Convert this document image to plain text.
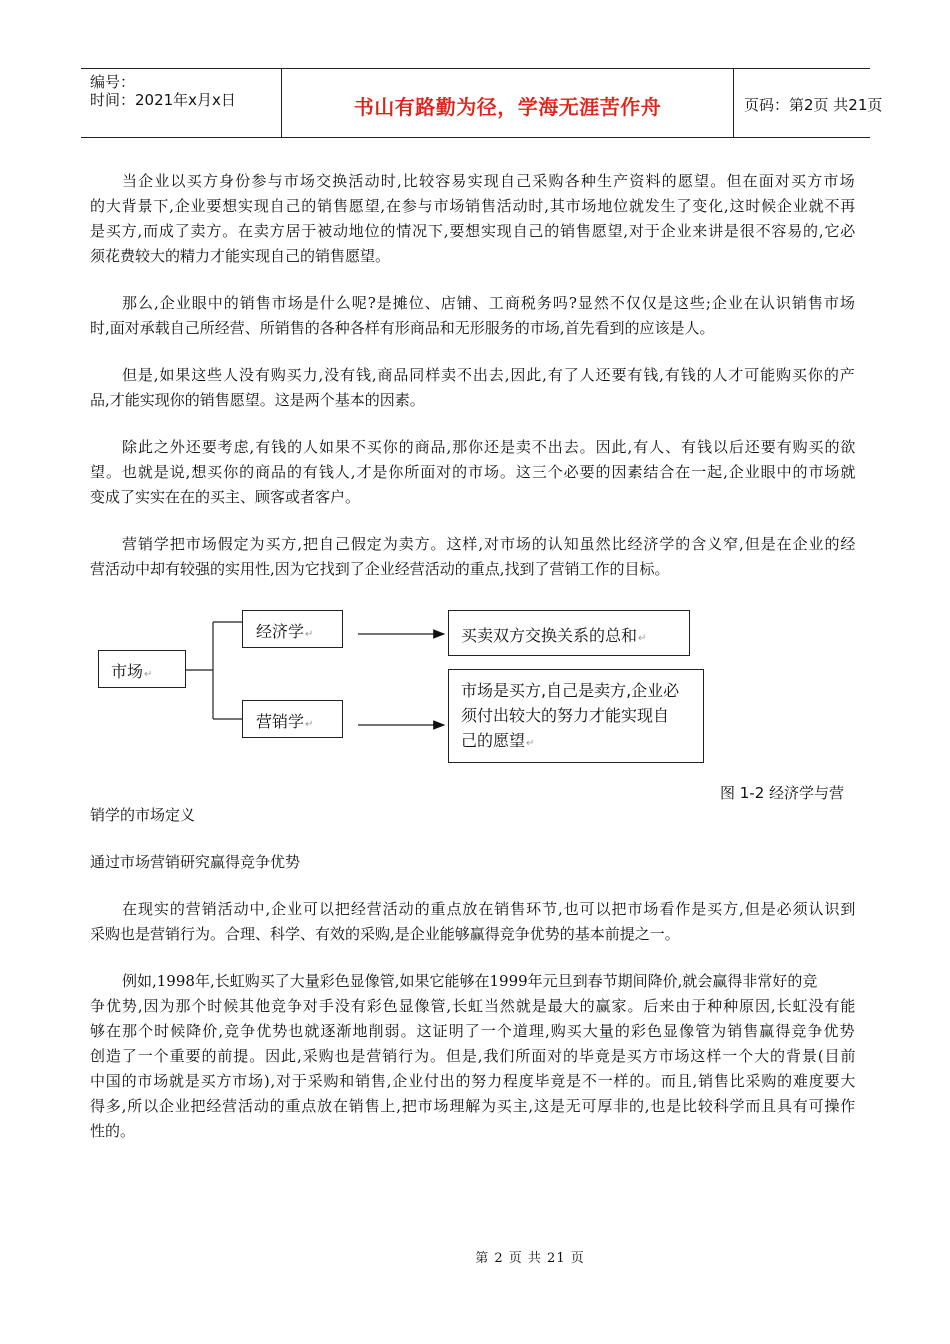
编号：
时间：2021年x月x日	书山有路勤为径，学海无涯苦作舟	页码：第2页 共21页

当企业以买方身份参与市场交换活动时,比较容易实现自己采购各种生产资料的愿望。但在面对买方市场

的大背景下,企业要想实现自己的销售愿望,在参与市场销售活动时,其市场地位就发生了变化,这时候企业就不再

是买方,而成了卖方。在卖方居于被动地位的情况下,要想实现自己的销售愿望,对于企业来讲是很不容易的,它必

须花费较大的精力才能实现自己的销售愿望。

那么,企业眼中的销售市场是什么呢?是摊位、店铺、工商税务吗?显然不仅仅是这些;企业在认识销售市场

时,面对承载自己所经营、所销售的各种各样有形商品和无形服务的市场,首先看到的应该是人。

但是,如果这些人没有购买力,没有钱,商品同样卖不出去,因此,有了人还要有钱,有钱的人才可能购买你的产

品,才能实现你的销售愿望。这是两个基本的因素。

除此之外还要考虑,有钱的人如果不买你的商品,那你还是卖不出去。因此,有人、有钱以后还要有购买的欲

望。也就是说,想买你的商品的有钱人,才是你所面对的市场。这三个必要的因素结合在一起,企业眼中的市场就

变成了实实在在的买主、顾客或者客户。

营销学把市场假定为买方,把自己假定为卖方。这样,对市场的认知虽然比经济学的含义窄,但是在企业的经

营活动中却有较强的实用性,因为它找到了企业经营活动的重点,找到了营销工作的目标。

市场↵
经济学↵
营销学↵
买卖双方交换关系的总和↵
市场是买方,自己是卖方,企业必
须付出较大的努力才能实现自
己的愿望↵
图 1-2 经济学与营

销学的市场定义

通过市场营销研究赢得竞争优势

在现实的营销活动中,企业可以把经营活动的重点放在销售环节,也可以把市场看作是买方,但是必须认识到

采购也是营销行为。合理、科学、有效的采购,是企业能够赢得竞争优势的基本前提之一。

例如,1998年,长虹购买了大量彩色显像管,如果它能够在1999年元旦到春节期间降价,就会赢得非常好的竞

争优势,因为那个时候其他竞争对手没有彩色显像管,长虹当然就是最大的赢家。后来由于种种原因,长虹没有能

够在那个时候降价,竞争优势也就逐渐地削弱。这证明了一个道理,购买大量的彩色显像管为销售赢得竞争优势

创造了一个重要的前提。因此,采购也是营销行为。但是,我们所面对的毕竟是买方市场这样一个大的背景(目前

中国的市场就是买方市场),对于采购和销售,企业付出的努力程度毕竟是不一样的。而且,销售比采购的难度要大

得多,所以企业把经营活动的重点放在销售上,把市场理解为买主,这是无可厚非的,也是比较科学而且具有可操作

性的。

第 2 页 共 21 页
